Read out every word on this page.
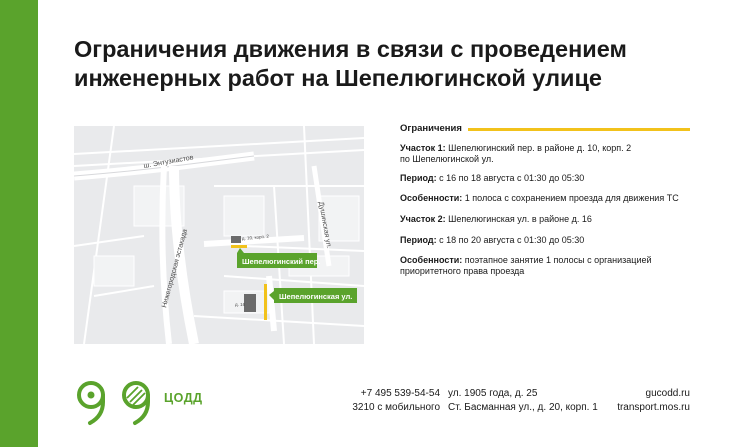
Ограничения движения в связи с проведением
инженерных работ на Шепелюгинской улице
ш. Энтузиастов
Нижегородская эстакада
Душинская ул.
д. 10, корп. 2
д. 16
Шепелюгинский пер.
Шепелюгинская ул.
Ограничения
Участок 1: Шепелюгинский пер. в районе д. 10, корп. 2
по Шепелюгинской ул.
Период: с 16 по 18 августа с 01:30 до 05:30
Особенности: 1 полоса с сохранением проезда для движения ТС
Участок 2: Шепелюгинская ул. в районе д. 16
Период: с 18 по 20 августа с 01:30 до 05:30
Особенности: поэтапное занятие 1 полосы с организацией
приоритетного права проезда
ЦОДД	+7 495 539-54-54
3210 с мобильного
ул. 1905 года, д. 25
Ст. Басманная ул., д. 20, корп. 1
gucodd.ru
transport.mos.ru
